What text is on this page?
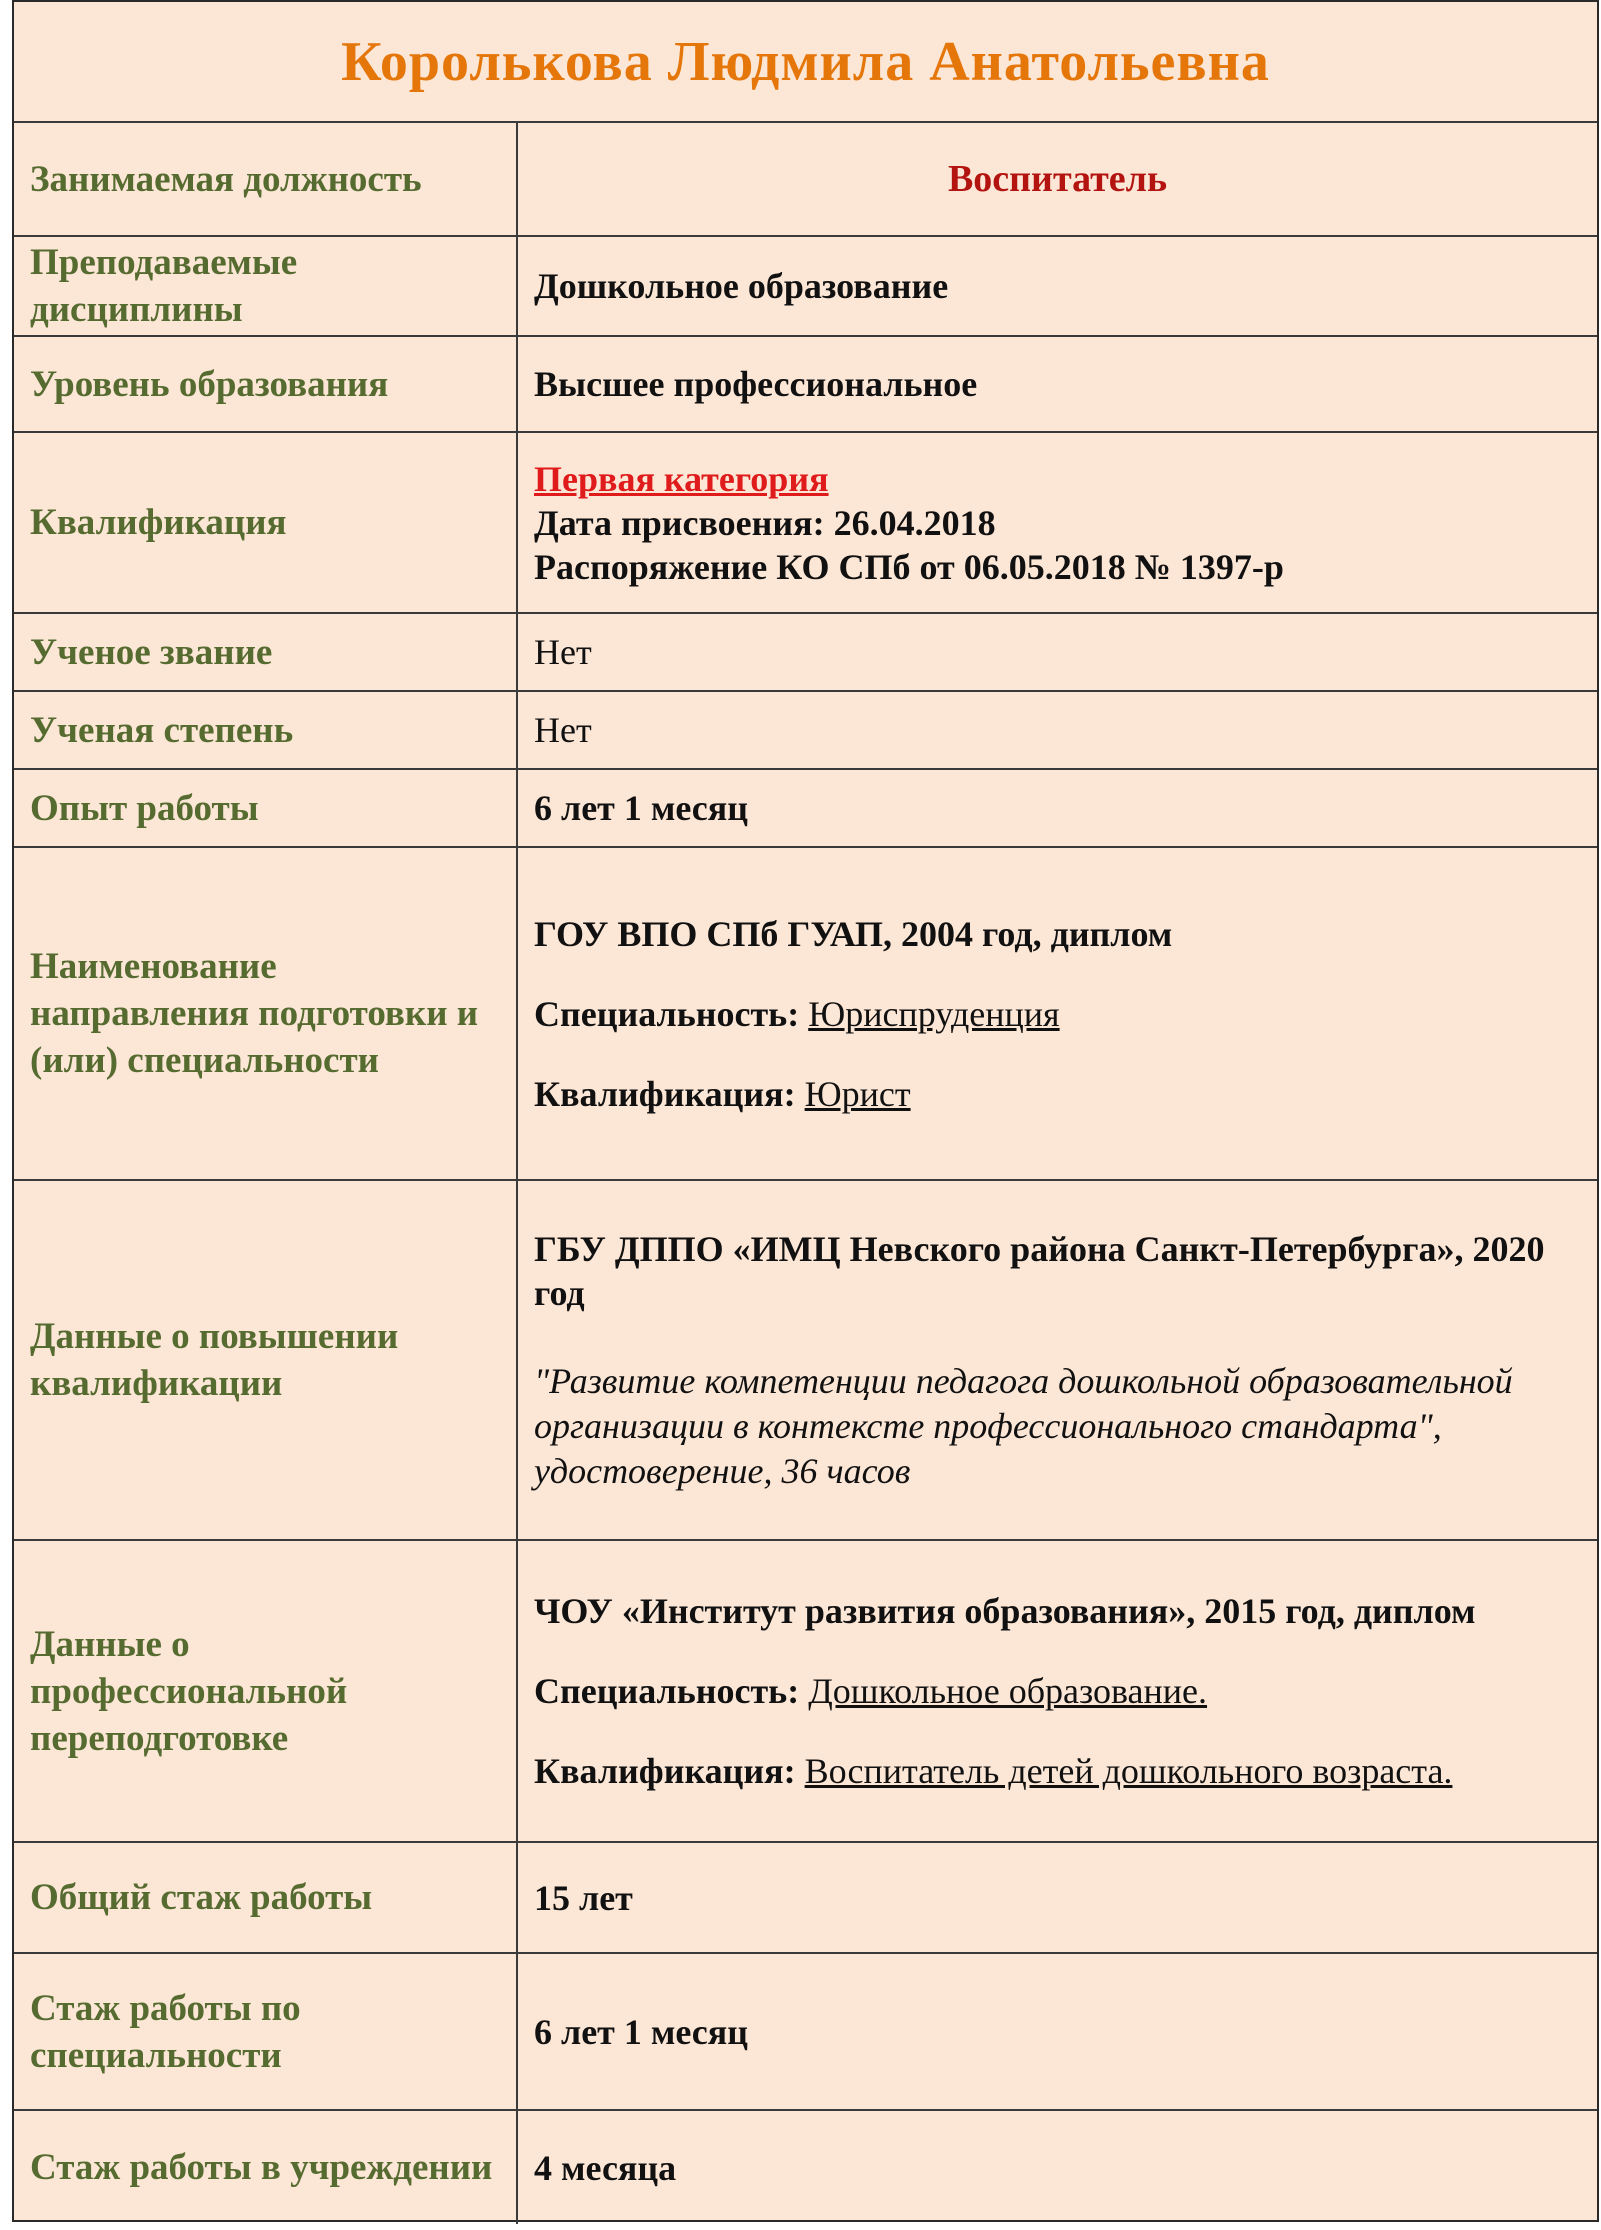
Королькова Людмила Анатольевна	
Занимаемая должность	Воспитатель

Преподаваемые дисциплины	Дошкольное образование
Уровень образования	Высшее профессиональное
Квалификация	Первая категория
Дата присвоения: 26.04.2018
Распоряжение КО СПб от 06.05.2018 № 1397-р

Ученое звание	Нет
Ученая степень	Нет
Опыт работы	6 лет 1 месяц
Наименование направления подготовки и (или) специальности	ГОУ ВПО СПб ГУАП, 2004 год, диплом
Специальность: Юриспруденция
Квалификация: Юрист

Данные о повышении квалификации	ГБУ ДППО «ИМЦ Невского района Санкт-Петербурга», 2020 год
"Развитие компетенции педагога дошкольной образовательной организации в контексте профессионального стандарта", удостоверение, 36 часов

Данные о профессиональной переподготовке	ЧОУ «Институт развития образования», 2015 год, диплом
Специальность: Дошкольное образование.
Квалификация: Воспитатель детей дошкольного возраста.

Общий стаж работы	15 лет
Стаж работы по специальности	6 лет 1 месяц
Стаж работы в учреждении	4 месяца
